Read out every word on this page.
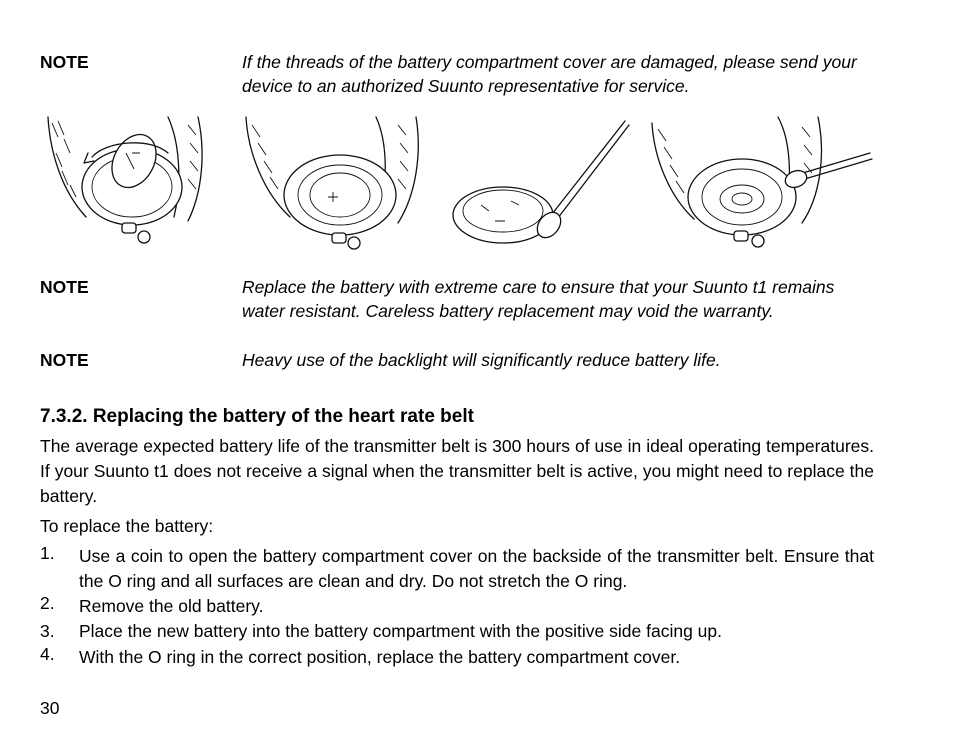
NOTE	If the threads of the battery compartment cover are damaged, please send your device to an authorized Suunto representative for service.
NOTE	Replace the battery with extreme care to ensure that your Suunto t1 remains water resistant. Careless battery replacement may void the warranty.
NOTE	Heavy use of the backlight will significantly reduce battery life.
7.3.2. Replacing the battery of the heart rate belt
The average expected battery life of the transmitter belt is 300 hours of use in ideal operating temperatures. If your Suunto t1 does not receive a signal when the transmitter belt is active, you might need to replace the battery.
To replace the battery:
1. Use a coin to open the battery compartment cover on the backside of the transmitter belt. Ensure that the O ring and all surfaces are clean and dry. Do not stretch the O ring.
2. Remove the old battery.
3. Place the new battery into the battery compartment with the positive side facing up.
4. With the O ring in the correct position, replace the battery compartment cover.
30
